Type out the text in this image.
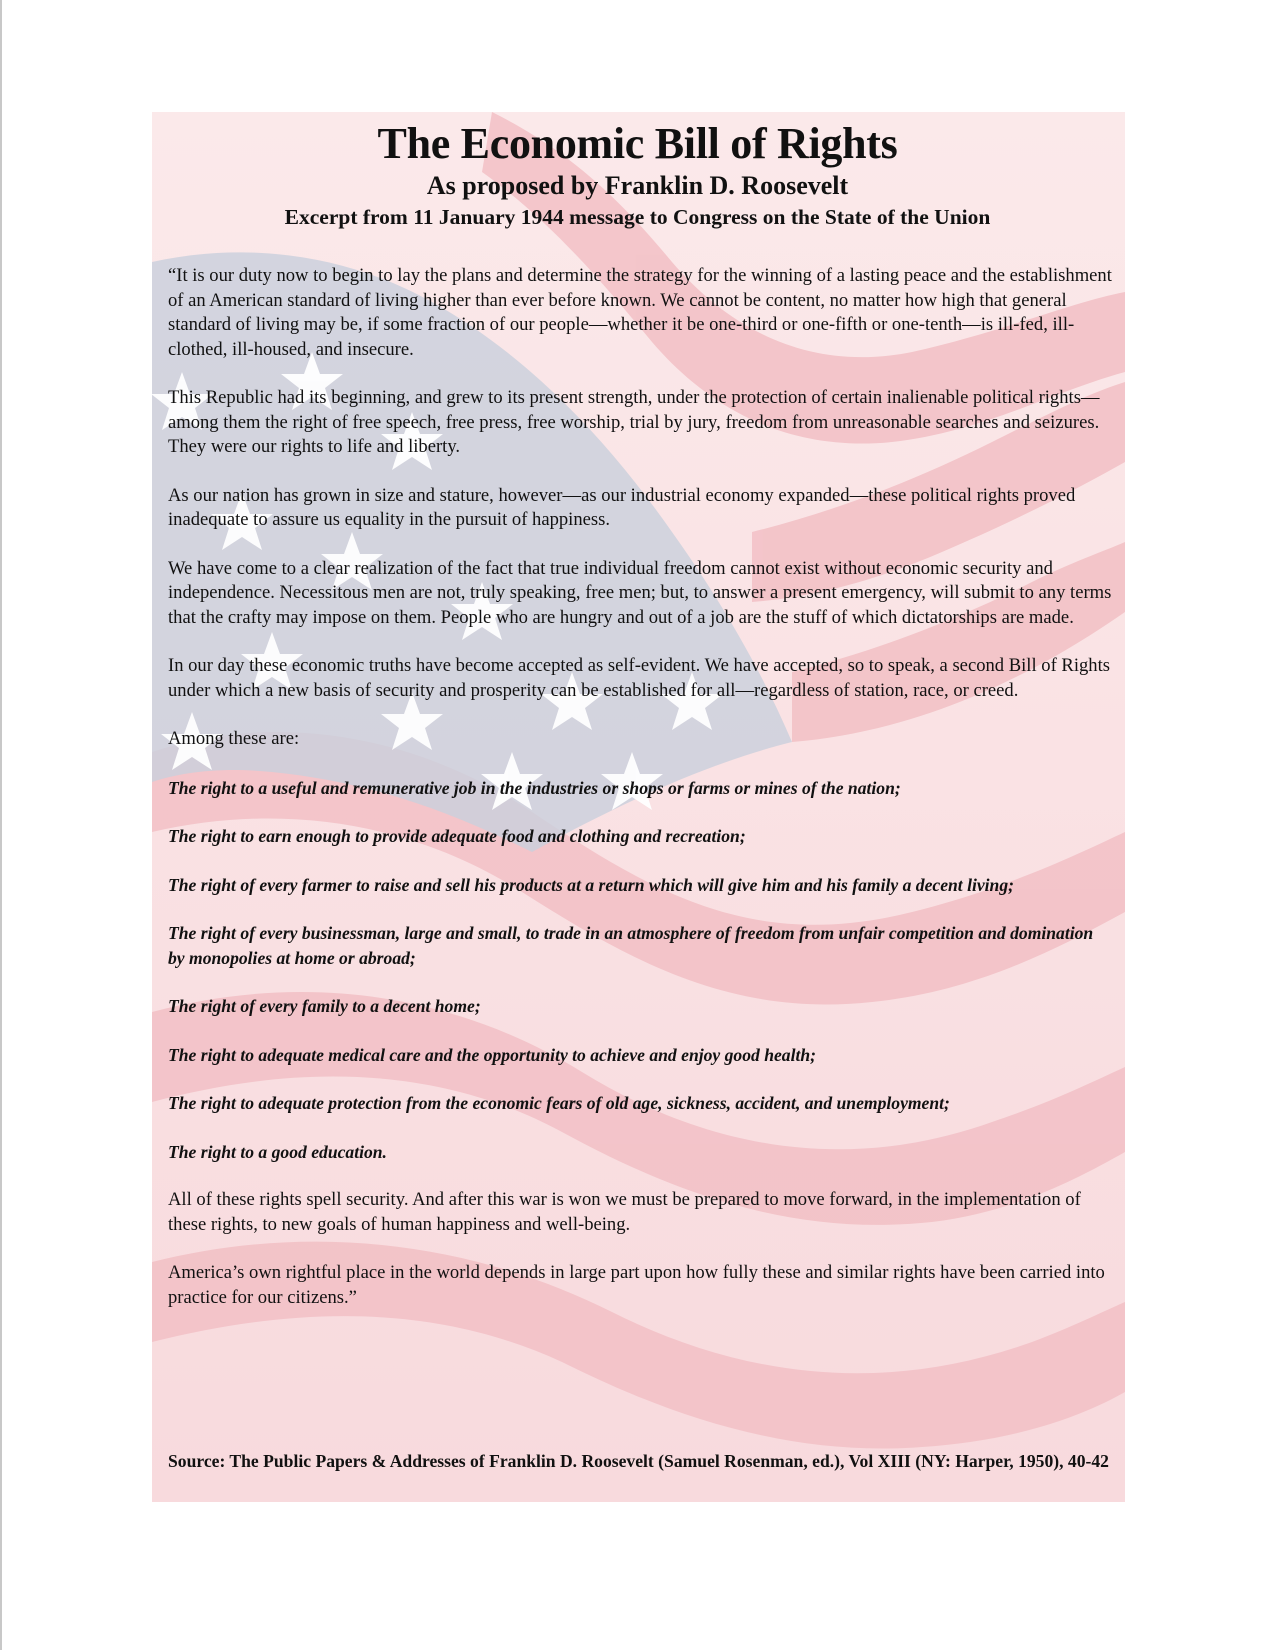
The Economic Bill of Rights
As proposed by Franklin D. Roosevelt
Excerpt from 11 January 1944 message to Congress on the State of the Union

“It is our duty now to begin to lay the plans and determine the strategy for the winning of a lasting peace and the establishment of an American standard of living higher than ever before known. We cannot be content, no matter how high that general standard of living may be, if some fraction of our people—whether it be one-third or one-fifth or one-tenth—is ill-fed, ill-clothed, ill-housed, and insecure.

This Republic had its beginning, and grew to its present strength, under the protection of certain inalienable political rights—among them the right of free speech, free press, free worship, trial by jury, freedom from unreasonable searches and seizures. They were our rights to life and liberty.

As our nation has grown in size and stature, however—as our industrial economy expanded—these political rights proved inadequate to assure us equality in the pursuit of happiness.

We have come to a clear realization of the fact that true individual freedom cannot exist without economic security and independence. Necessitous men are not, truly speaking, free men; but, to answer a present emergency, will submit to any terms that the crafty may impose on them. People who are hungry and out of a job are the stuff of which dictatorships are made.

In our day these economic truths have become accepted as self-evident. We have accepted, so to speak, a second Bill of Rights under which a new basis of security and prosperity can be established for all—regardless of station, race, or creed.

Among these are:

The right to a useful and remunerative job in the industries or shops or farms or mines of the nation;

The right to earn enough to provide adequate food and clothing and recreation;

The right of every farmer to raise and sell his products at a return which will give him and his family a decent living;

The right of every businessman, large and small, to trade in an atmosphere of freedom from unfair competition and domination by monopolies at home or abroad;

The right of every family to a decent home;

The right to adequate medical care and the opportunity to achieve and enjoy good health;

The right to adequate protection from the economic fears of old age, sickness, accident, and unemployment;

The right to a good education.

All of these rights spell security. And after this war is won we must be prepared to move forward, in the implementation of these rights, to new goals of human happiness and well-being.

America’s own rightful place in the world depends in large part upon how fully these and similar rights have been carried into practice for our citizens.”

Source: The Public Papers & Addresses of Franklin D. Roosevelt (Samuel Rosenman, ed.), Vol XIII (NY: Harper, 1950), 40-42
